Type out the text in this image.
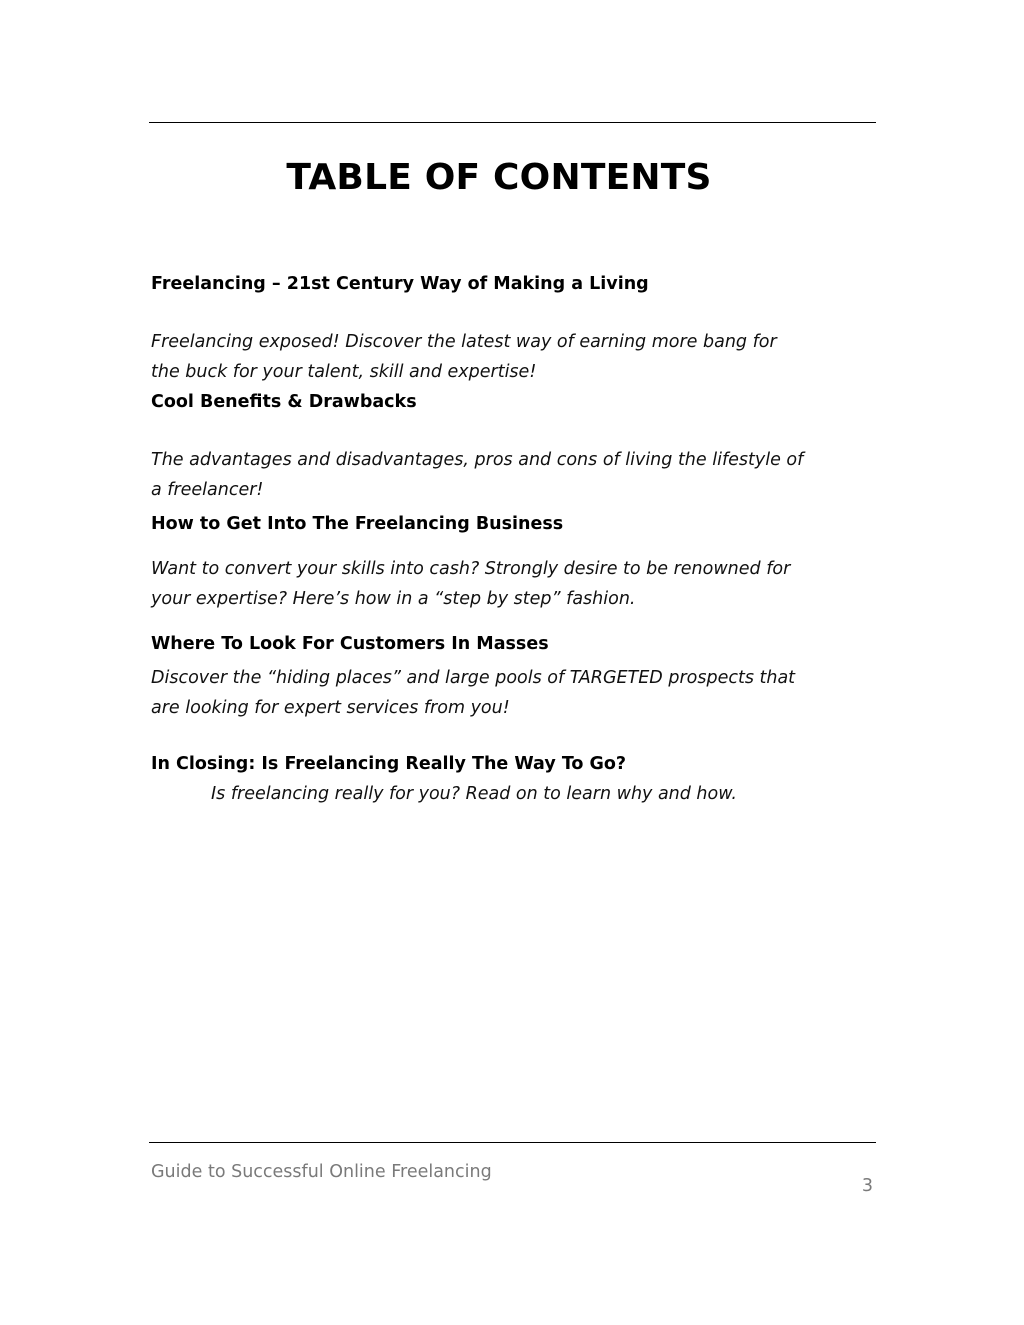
TABLE OF CONTENTS
Freelancing – 21st Century Way of Making a Living

Freelancing exposed! Discover the latest way of earning more bang for
the buck for your talent, skill and expertise!

Cool Benefits & Drawbacks

The advantages and disadvantages, pros and cons of living the lifestyle of
a freelancer!

How to Get Into The Freelancing Business

Want to convert your skills into cash? Strongly desire to be renowned for
your expertise? Here’s how in a “step by step” fashion.

Where To Look For Customers In Masses

Discover the “hiding places” and large pools of TARGETED prospects that
are looking for expert services from you!

In Closing: Is Freelancing Really The Way To Go?

Is freelancing really for you? Read on to learn why and how.

Guide to Successful Online Freelancing

3
